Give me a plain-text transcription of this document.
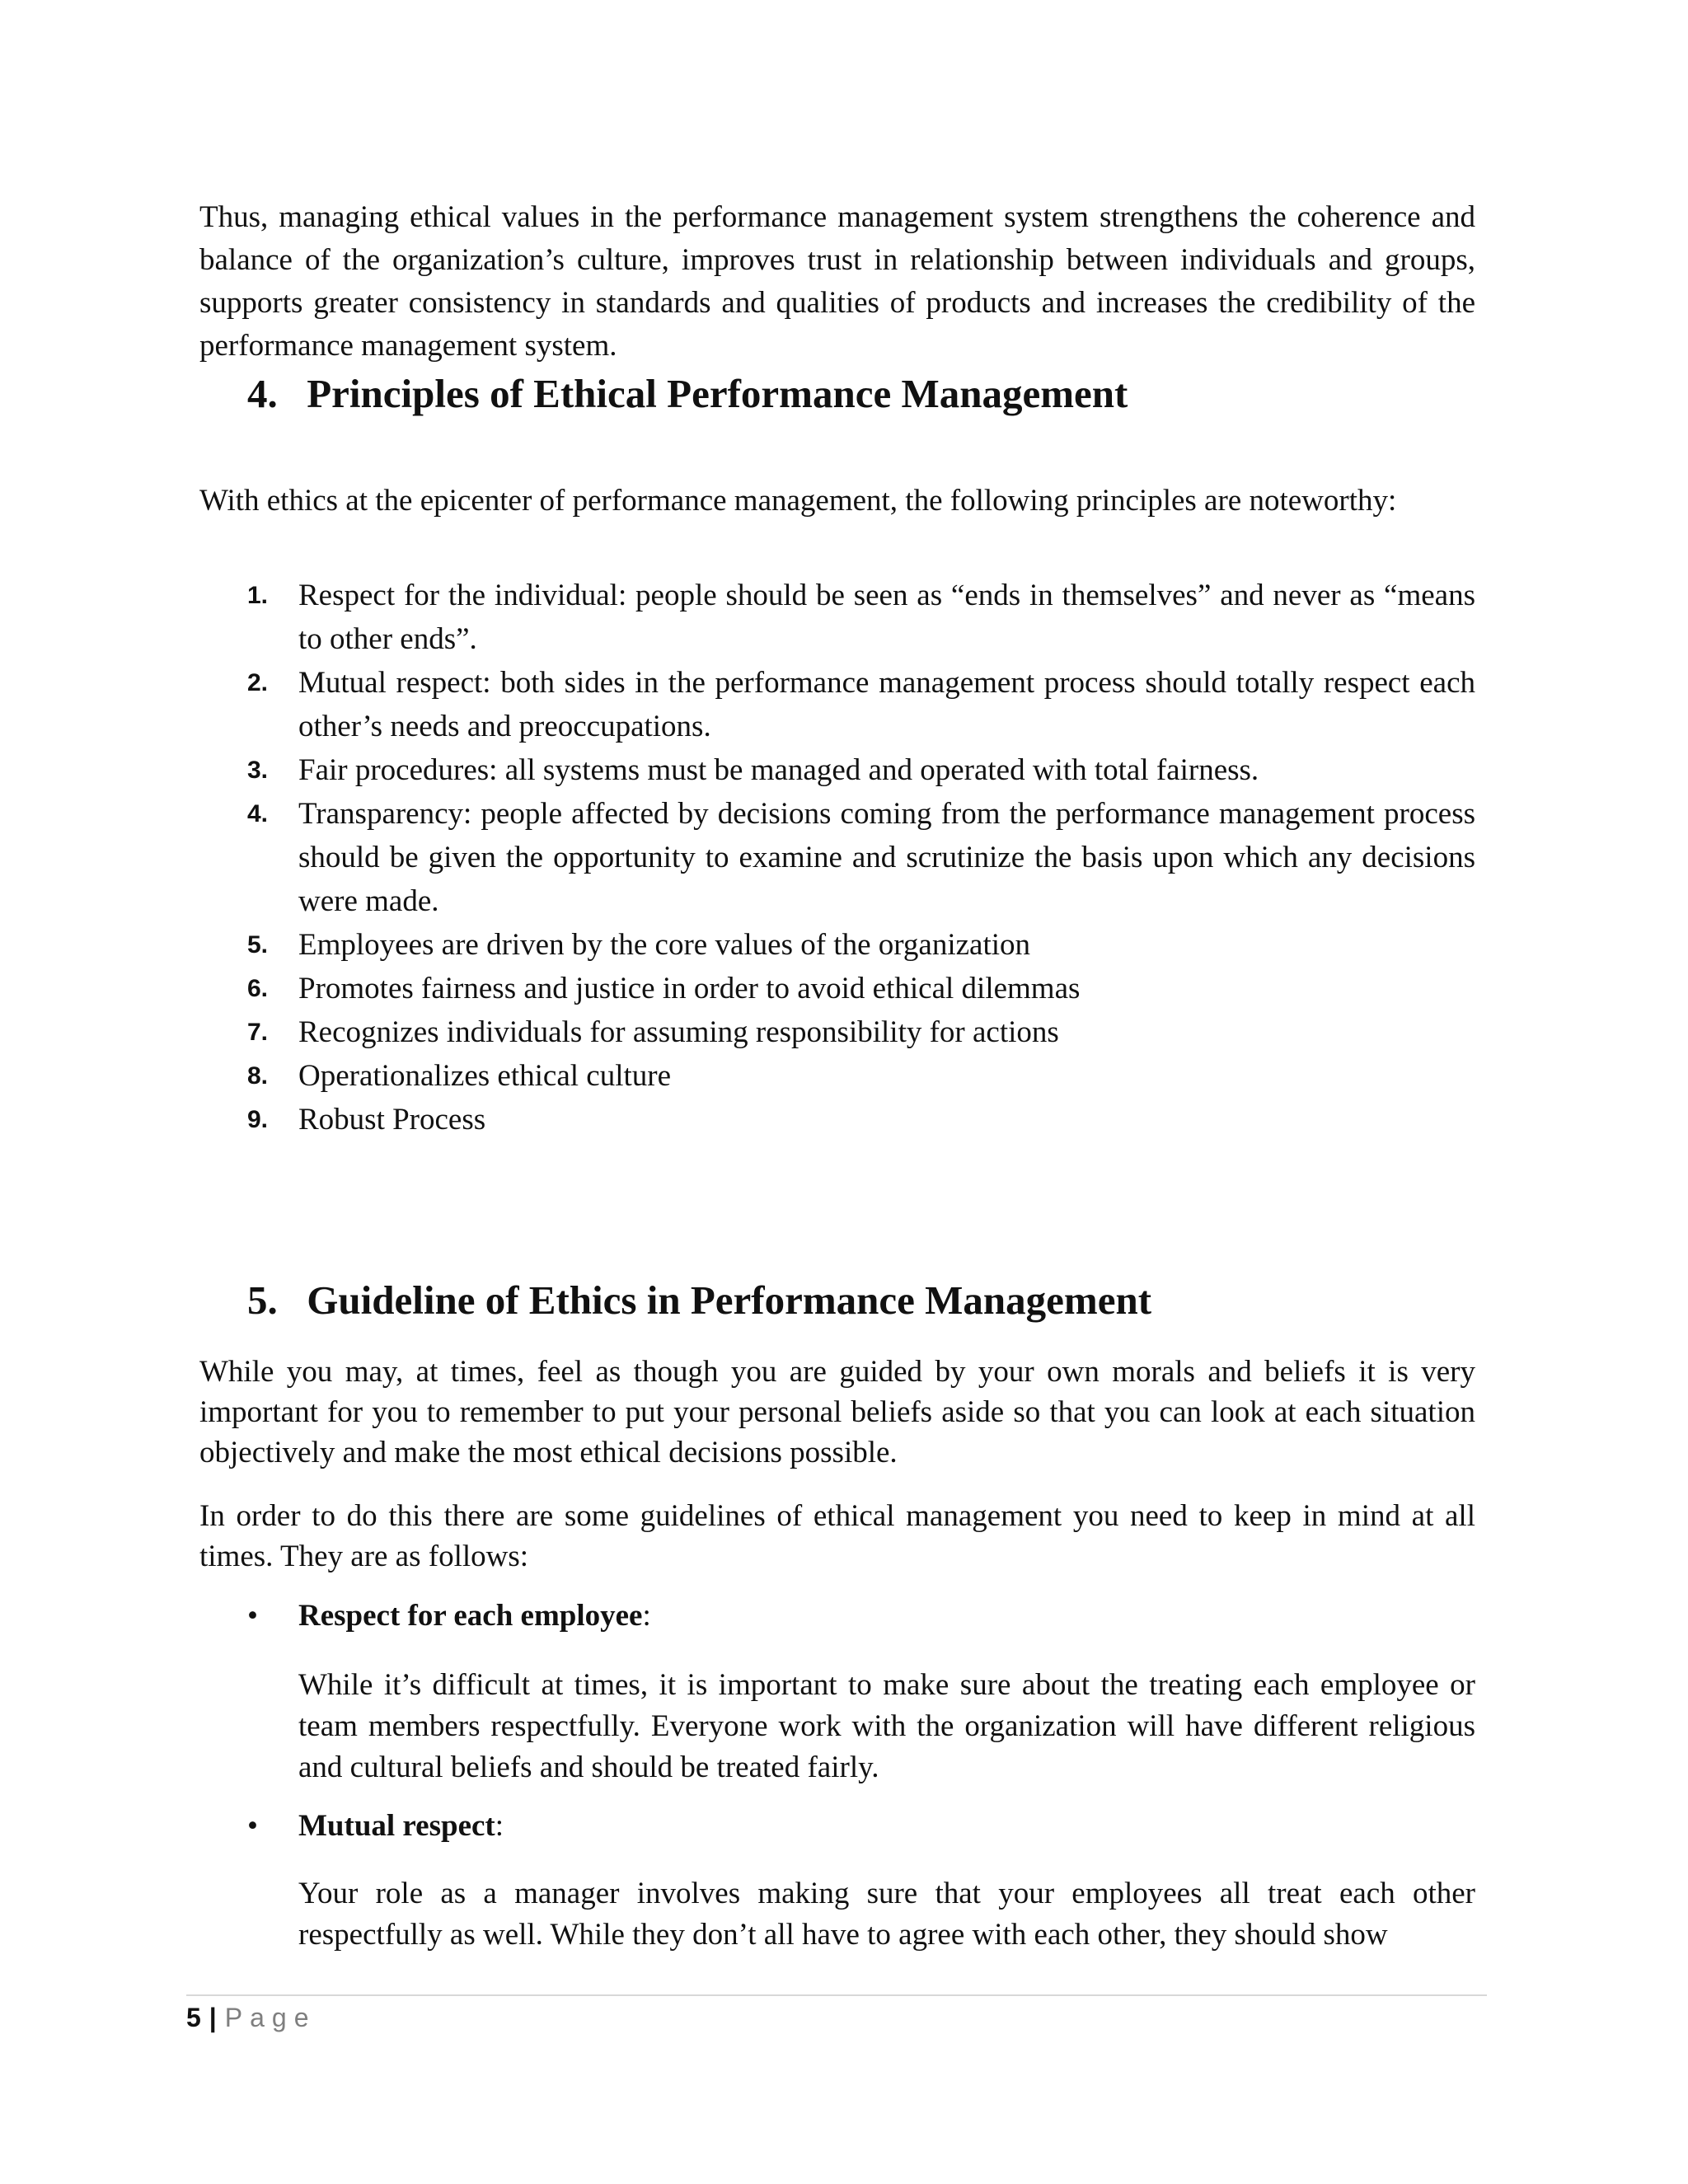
Thus, managing ethical values in the performance management system strengthens the coherence and balance of the organization’s culture, improves trust in relationship between individuals and groups, supports greater consistency in standards and qualities of products and increases the credibility of the performance management system.

4. Principles of Ethical Performance Management

With ethics at the epicenter of performance management, the following principles are noteworthy:

1. Respect for the individual: people should be seen as “ends in themselves” and never as “means to other ends”.
2. Mutual respect: both sides in the performance management process should totally respect each other’s needs and preoccupations.
3. Fair procedures: all systems must be managed and operated with total fairness.
4. Transparency: people affected by decisions coming from the performance management process should be given the opportunity to examine and scrutinize the basis upon which any decisions were made.
5. Employees are driven by the core values of the organization
6. Promotes fairness and justice in order to avoid ethical dilemmas
7. Recognizes individuals for assuming responsibility for actions
8. Operationalizes ethical culture
9. Robust Process
5. Guideline of Ethics in Performance Management

While you may, at times, feel as though you are guided by your own morals and beliefs it is very important for you to remember to put your personal beliefs aside so that you can look at each situation objectively and make the most ethical decisions possible.

In order to do this there are some guidelines of ethical management you need to keep in mind at all times. They are as follows:

•	Respect for each employee:

While it’s difficult at times, it is important to make sure about the treating each employee or team members respectfully. Everyone work with the organization will have different religious and cultural beliefs and should be treated fairly.

•	Mutual respect:

Your role as a manager involves making sure that your employees all treat each other respectfully as well. While they don’t all have to agree with each other, they should show

5 | Page
